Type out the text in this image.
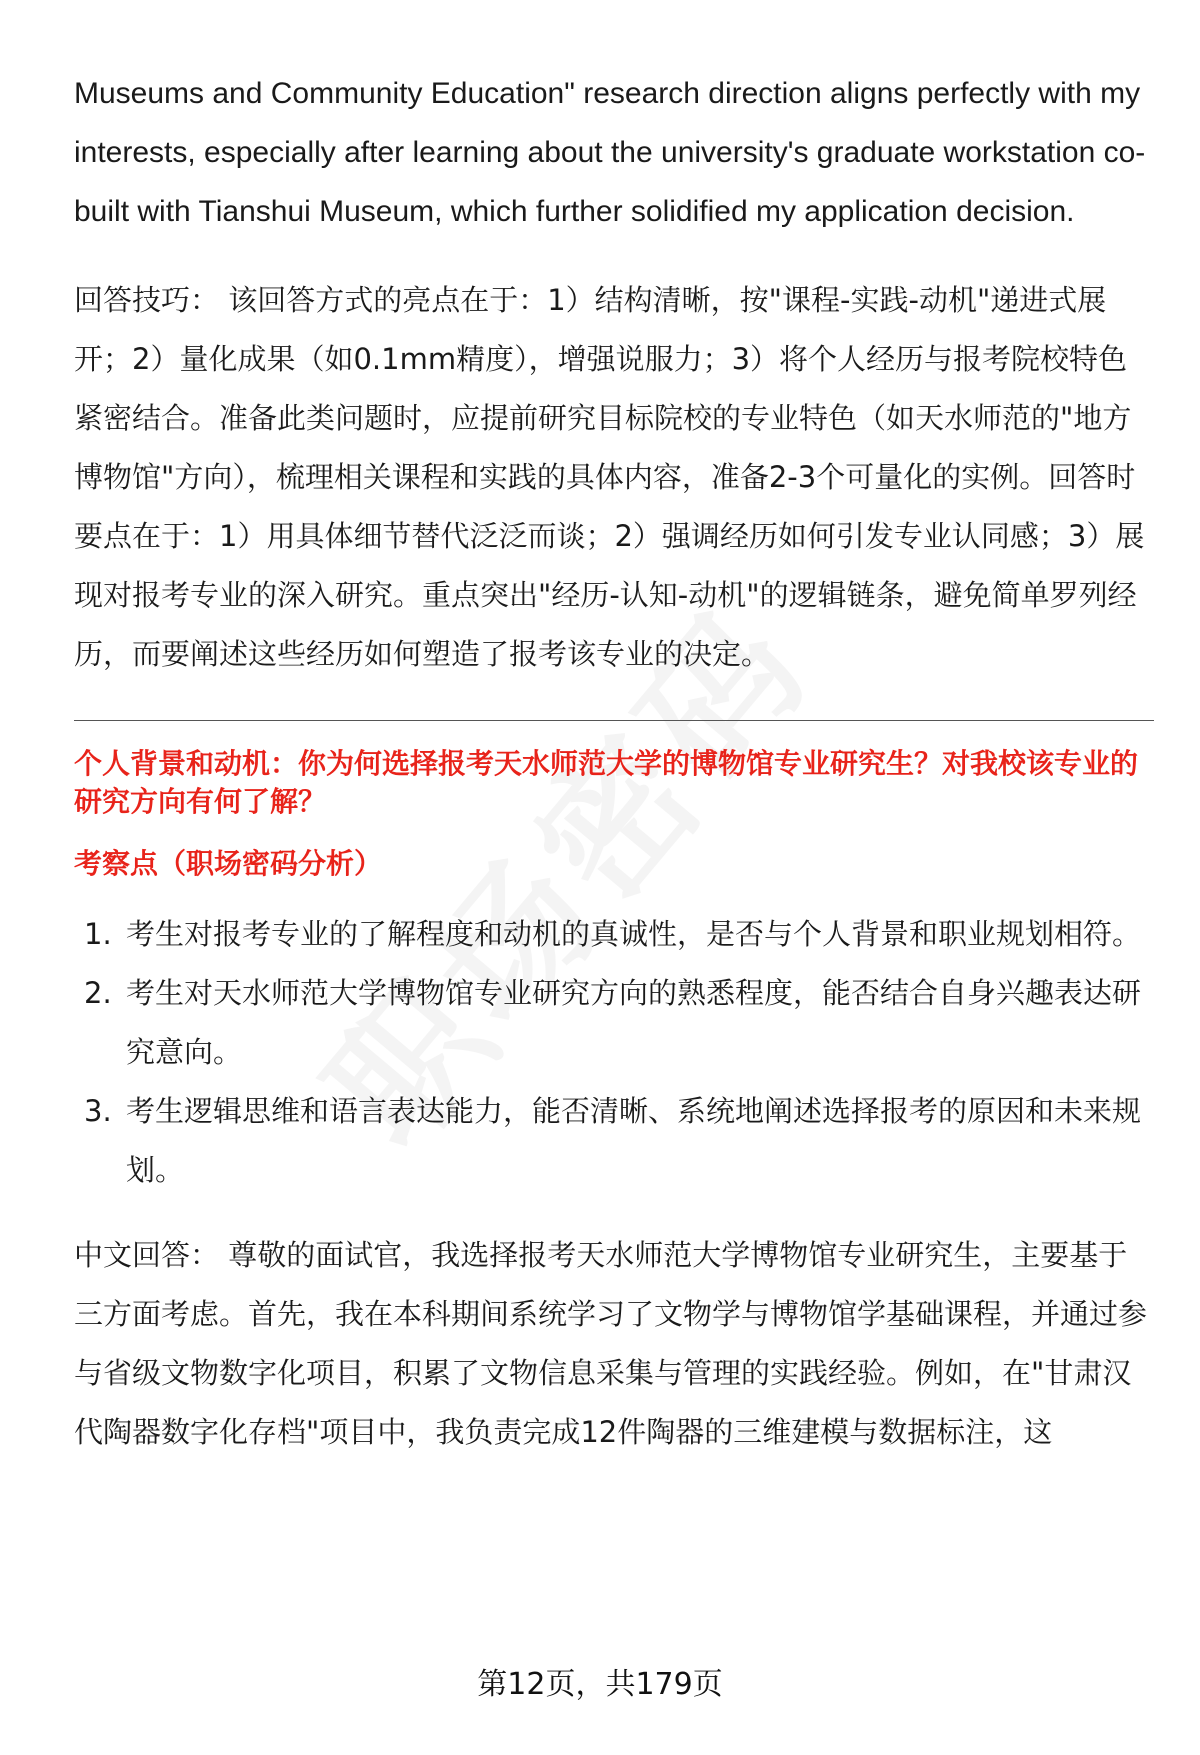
Museums and Community Education" research direction aligns perfectly with my interests, especially after learning about the university's graduate workstation co-built with Tianshui Museum, which further solidified my application decision.

回答技巧： 该回答方式的亮点在于：1）结构清晰，按"课程-实践-动机"递进式展开；2）量化成果（如0.1mm精度），增强说服力；3）将个人经历与报考院校特色紧密结合。准备此类问题时，应提前研究目标院校的专业特色（如天水师范的"地方博物馆"方向），梳理相关课程和实践的具体内容，准备2-3个可量化的实例。回答时要点在于：1）用具体细节替代泛泛而谈；2）强调经历如何引发专业认同感；3）展现对报考专业的深入研究。重点突出"经历-认知-动机"的逻辑链条，避免简单罗列经历，而要阐述这些经历如何塑造了报考该专业的决定。

个人背景和动机：你为何选择报考天水师范大学的博物馆专业研究生？对我校该专业的研究方向有何了解？

考察点（职场密码分析）

1. 考生对报考专业的了解程度和动机的真诚性，是否与个人背景和职业规划相符。
2. 考生对天水师范大学博物馆专业研究方向的熟悉程度，能否结合自身兴趣表达研究意向。
3. 考生逻辑思维和语言表达能力，能否清晰、系统地阐述选择报考的原因和未来规划。

中文回答： 尊敬的面试官，我选择报考天水师范大学博物馆专业研究生，主要基于三方面考虑。首先，我在本科期间系统学习了文物学与博物馆学基础课程，并通过参与省级文物数字化项目，积累了文物信息采集与管理的实践经验。例如，在"甘肃汉代陶器数字化存档"项目中，我负责完成12件陶器的三维建模与数据标注，这

第12页，共179页
